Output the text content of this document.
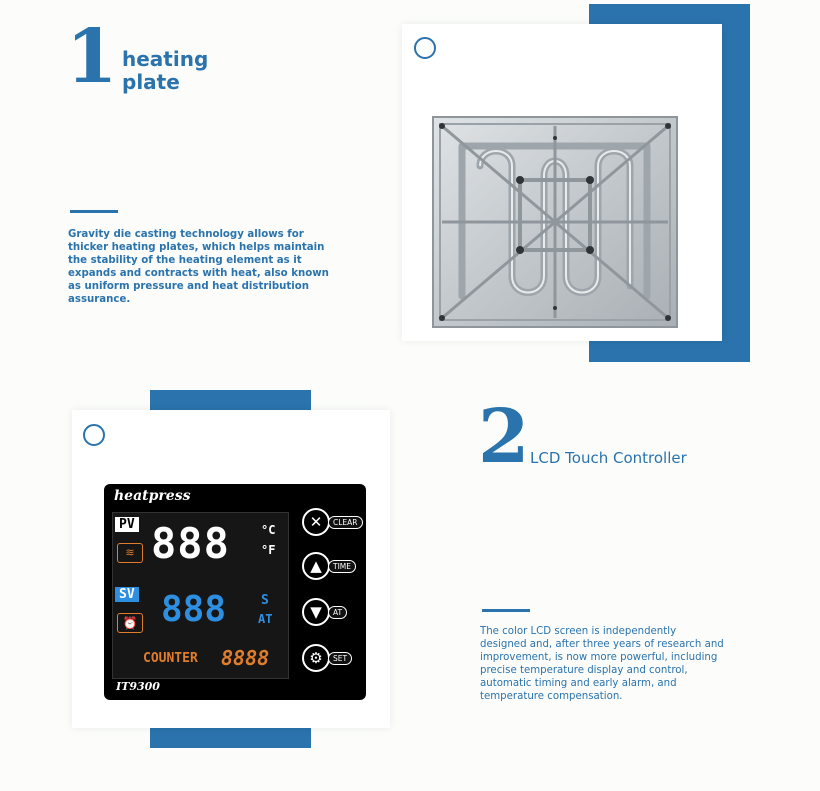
1 heating
plate
Gravity die casting technology allows for thicker heating plates, which helps maintain the stability of the heating element as it expands and contracts with heat, also known as uniform pressure and heat distribution assurance.
heatpress
PV
≋ 888	°C
°F
SV
⏰ 888	S
AT
COUNTER 8888
✕	CLEAR
▲	TIME
▼	AT
⚙	SET
IT9300
2 LCD Touch Controller
The color LCD screen is independently designed and, after three years of research and improvement, is now more powerful, including precise temperature display and control, automatic timing and early alarm, and temperature compensation.
